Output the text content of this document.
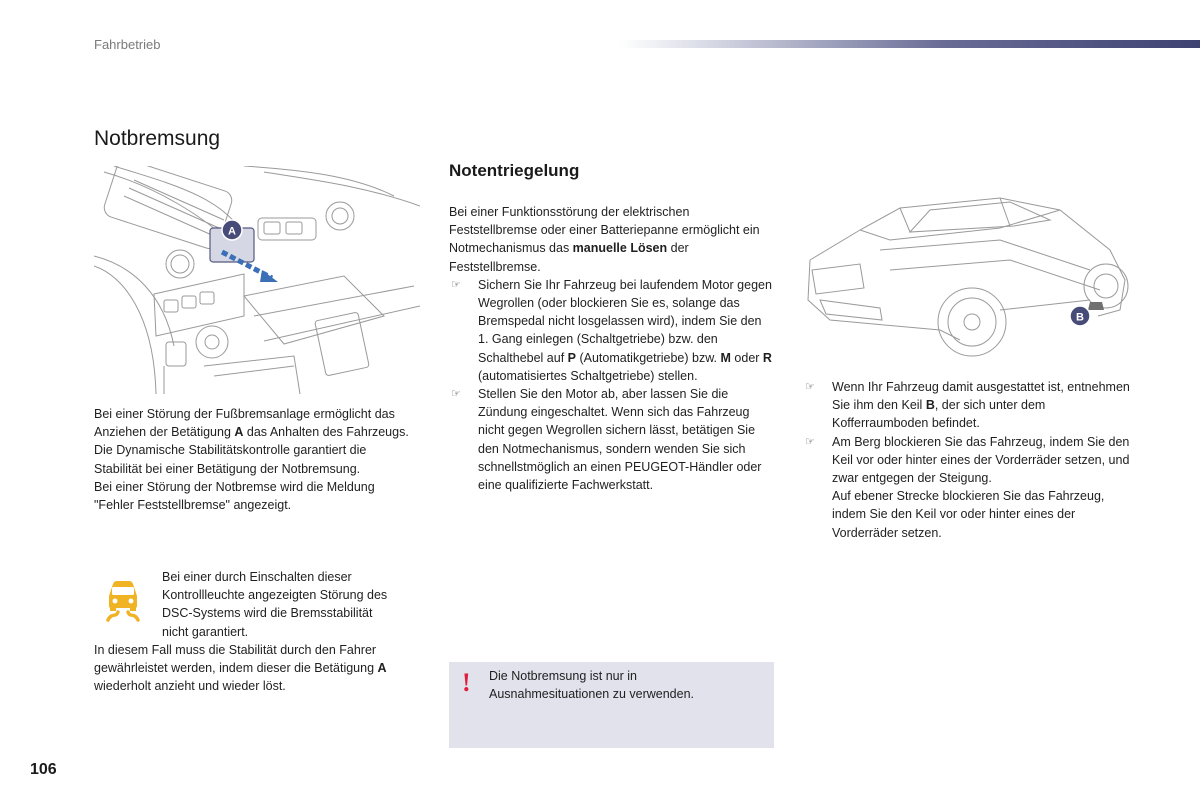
Fahrbetrieb
Notbremsung
A

Bei einer Störung der Fußbremsanlage ermöglicht das Anziehen der Betätigung A das Anhalten des Fahrzeugs.

Die Dynamische Stabilitätskontrolle garantiert die Stabilität bei einer Betätigung der Notbremsung.

Bei einer Störung der Notbremse wird die Meldung "Fehler Feststellbremse" angezeigt.

Bei einer durch Einschalten dieser

Kontrollleuchte angezeigten Störung des

DSC-Systems wird die Bremsstabilität

nicht garantiert.

In diesem Fall muss die Stabilität durch den Fahrer gewährleistet werden, indem dieser die Betätigung A wiederholt anzieht und wieder löst.

Notentriegelung

Bei einer Funktionsstörung der elektrischen Feststellbremse oder einer Batteriepanne ermöglicht ein Notmechanismus das manuelle Lösen der Feststellbremse.

☞ Sichern Sie Ihr Fahrzeug bei laufendem Motor gegen Wegrollen (oder blockieren Sie es, solange das Bremspedal nicht losgelassen wird), indem Sie den 1. Gang einlegen (Schaltgetriebe) bzw. den Schalthebel auf P (Automatikgetriebe) bzw. M oder R (automatisiertes Schaltgetriebe) stellen.
☞ Stellen Sie den Motor ab, aber lassen Sie die Zündung eingeschaltet. Wenn sich das Fahrzeug nicht gegen Wegrollen sichern lässt, betätigen Sie den Notmechanismus, sondern wenden Sie sich schnellstmöglich an einen PEUGEOT-Händler oder eine qualifizierte Fachwerkstatt.
! Die Notbremsung ist nur in Ausnahmesituationen zu verwenden.
B
☞ Wenn Ihr Fahrzeug damit ausgestattet ist, entnehmen Sie ihm den Keil B, der sich unter dem Kofferraumboden befindet.
☞ Am Berg blockieren Sie das Fahrzeug, indem Sie den Keil vor oder hinter eines der Vorderräder setzen, und zwar entgegen der Steigung.
Auf ebener Strecke blockieren Sie das Fahrzeug, indem Sie den Keil vor oder hinter eines der Vorderräder setzen.
106
